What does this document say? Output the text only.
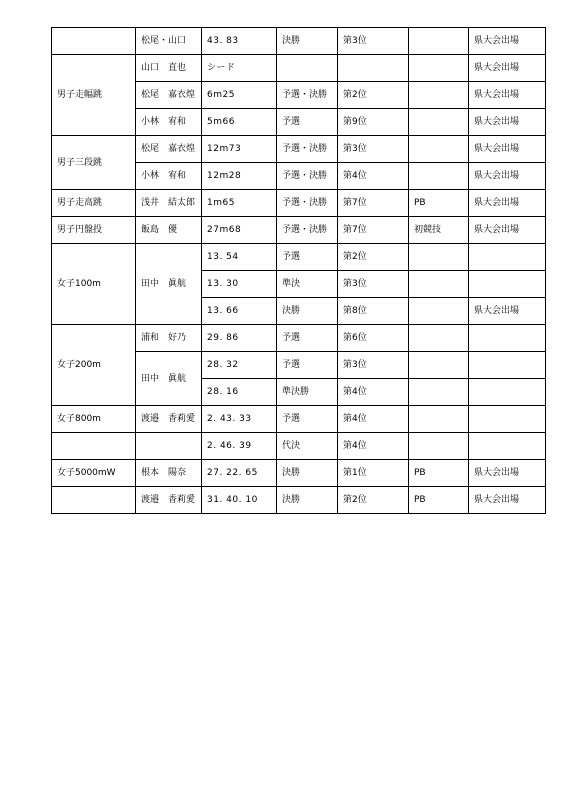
	松尾・山口	43. 83	決勝	第3位		県大会出場
男子走幅跳	山口　直也	シード				県大会出場
	松尾　嘉衣煌	6m25	予選・決勝	第2位		県大会出場
	小林　宥和	5m66	予選	第9位		県大会出場
男子三段跳	松尾　嘉衣煌	12m73	予選・決勝	第3位		県大会出場
	小林　宥和	12m28	予選・決勝	第4位		県大会出場
男子走高跳	浅井　結太郎	1m65	予選・決勝	第7位	PB	県大会出場
男子円盤投	飯島　優	27m68	予選・決勝	第7位	初競技	県大会出場
女子100m	田中　眞航	13. 54	予選	第2位		
		13. 30	準決	第3位		
		13. 66	決勝	第8位		県大会出場
女子200m	浦和　好乃	29. 86	予選	第6位		
	田中　眞航	28. 32	予選	第3位		
		28. 16	準決勝	第4位		
女子800m	渡邉　香莉愛	2. 43. 33	予選	第4位		
		2. 46. 39	代決	第4位		
女子5000mW	根本　陽奈	27. 22. 65	決勝	第1位	PB	県大会出場
	渡邉　香莉愛	31. 40. 10	決勝	第2位	PB	県大会出場
